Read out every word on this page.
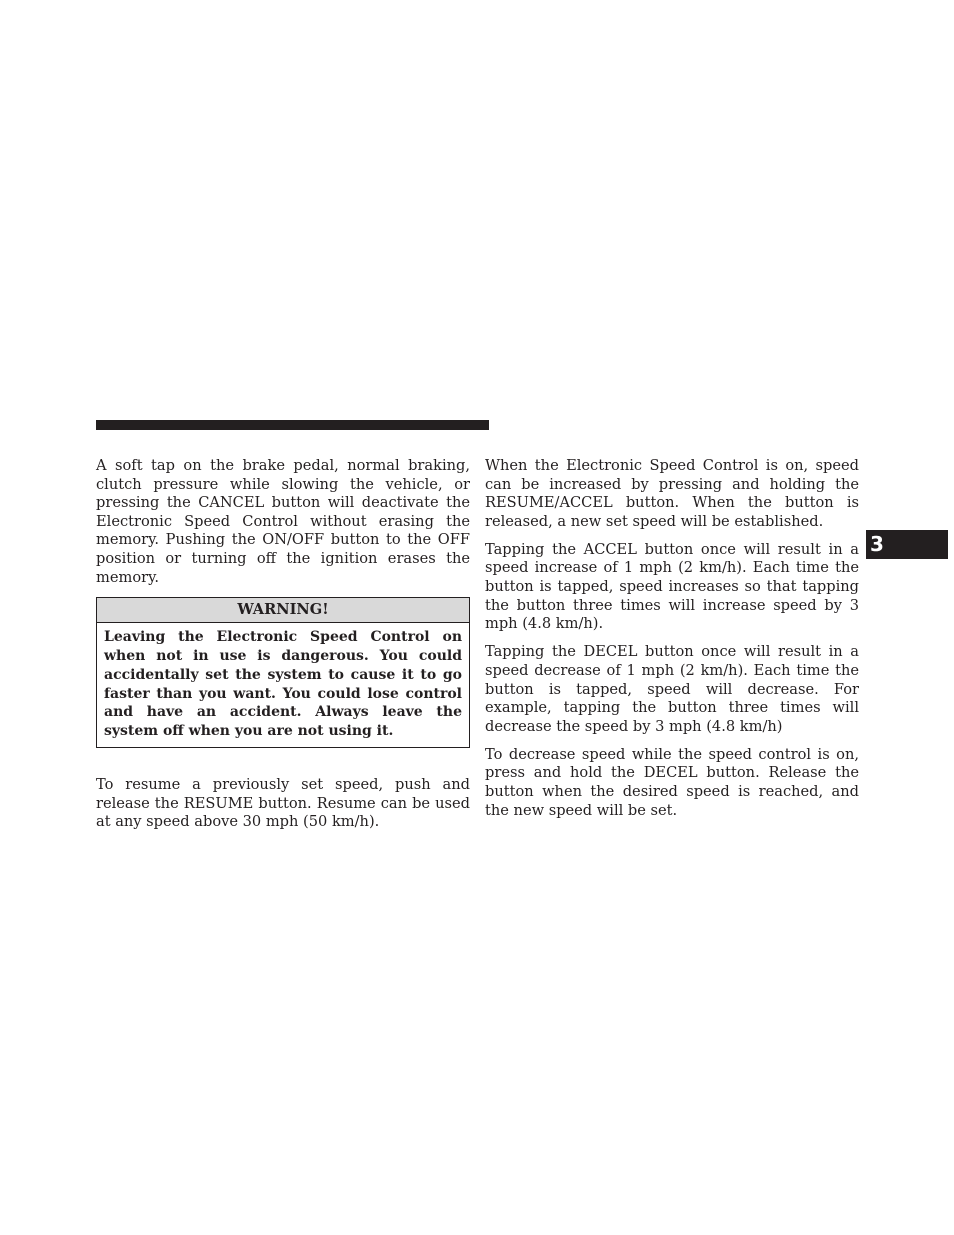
A soft tap on the brake pedal, normal braking, clutch pressure while slowing the vehicle, or pressing the CANCEL button will deactivate the Electronic Speed Control without erasing the memory. Pushing the ON/OFF button to the OFF position or turning off the ignition erases the memory.

WARNING!
Leaving the Electronic Speed Control on when not in use is dangerous. You could accidentally set the system to cause it to go faster than you want. You could lose control and have an accident. Always leave the system off when you are not using it.

To resume a previously set speed, push and release the RESUME button. Resume can be used at any speed above 30 mph (50 km/h).

When the Electronic Speed Control is on, speed can be increased by pressing and holding the RESUME/ACCEL button. When the button is released, a new set speed will be established.

Tapping the ACCEL button once will result in a speed increase of 1 mph (2 km/h). Each time the button is tapped, speed increases so that tapping the button three times will increase speed by 3 mph (4.8 km/h).

Tapping the DECEL button once will result in a speed decrease of 1 mph (2 km/h). Each time the button is tapped, speed will decrease. For example, tapping the button three times will decrease the speed by 3 mph (4.8 km/h)

To decrease speed while the speed control is on, press and hold the DECEL button. Release the button when the desired speed is reached, and the new speed will be set.

3
